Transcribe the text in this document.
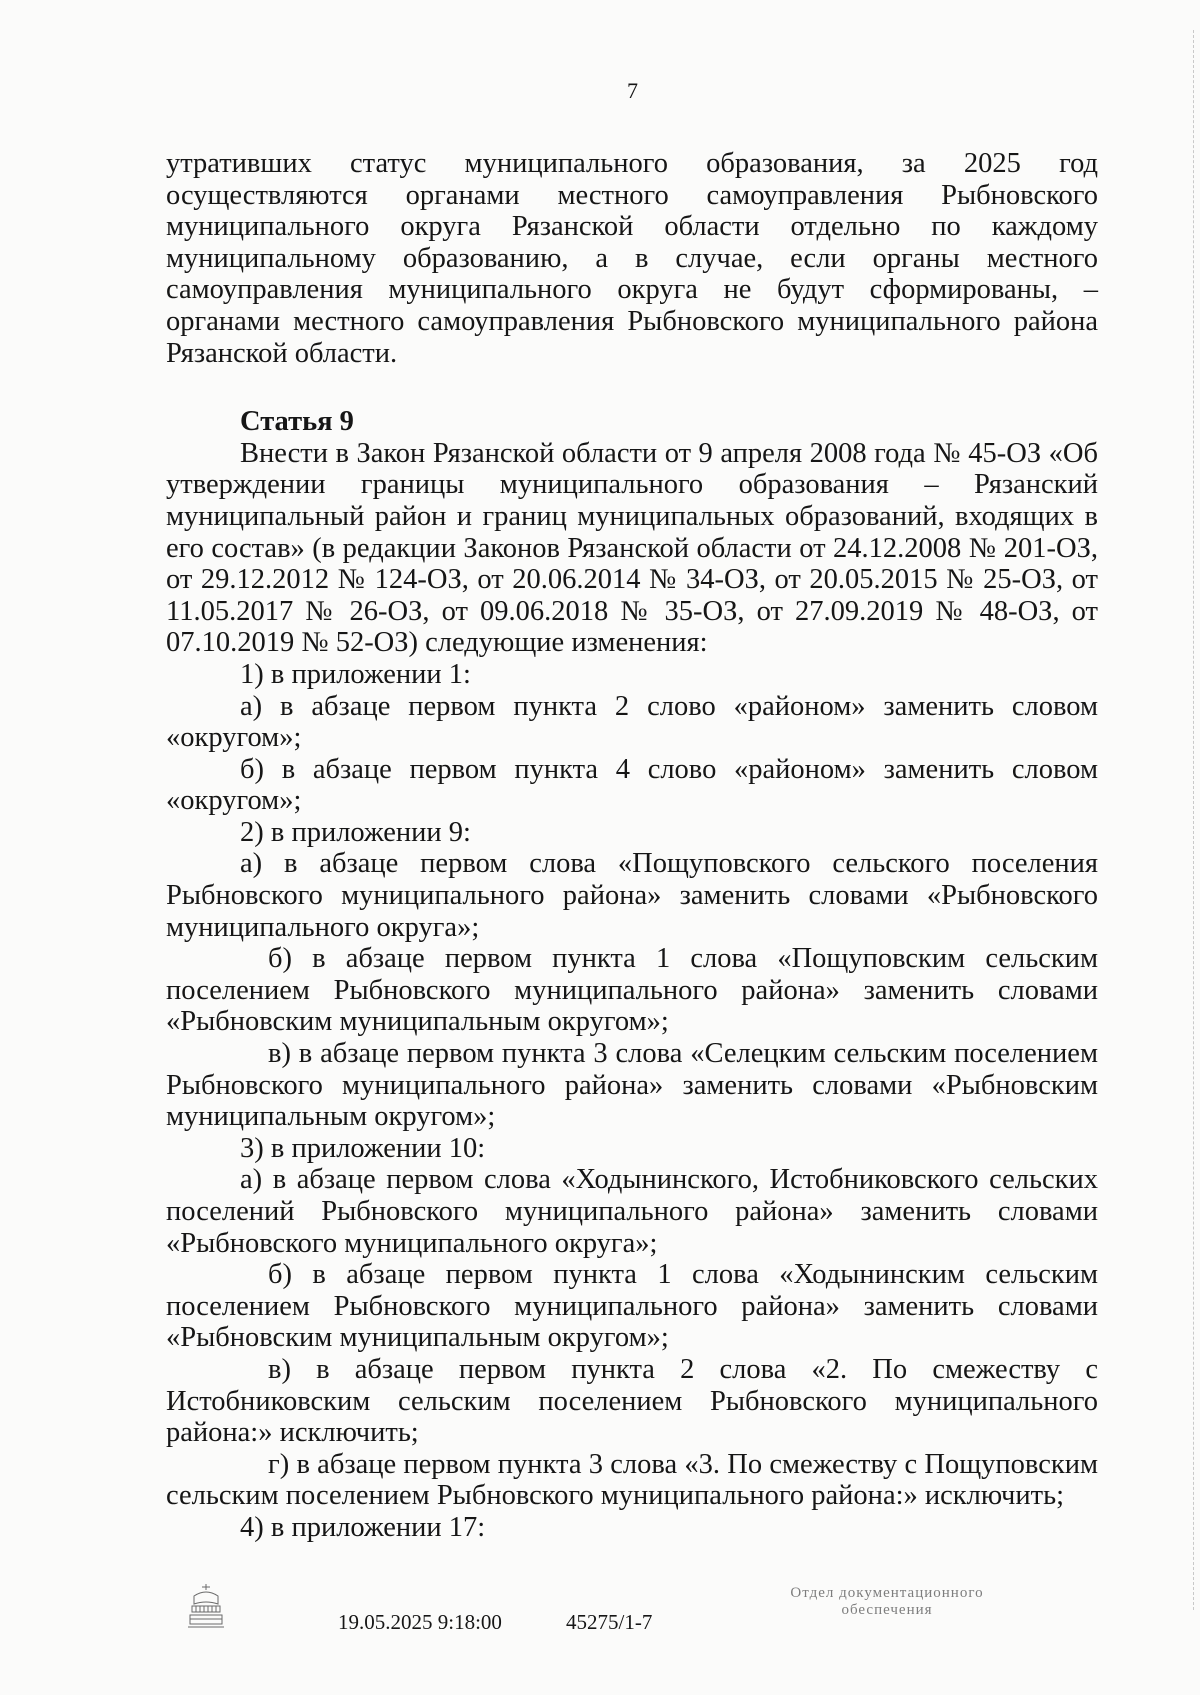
7

утративших статус муниципального образования, за 2025 год осуществляются органами местного самоуправления Рыбновского муниципального округа Рязанской области отдельно по каждому муниципальному образованию, а в случае, если органы местного самоуправления муниципального округа не будут сформированы, – органами местного самоуправления Рыбновского муниципального района Рязанской области.

Статья 9

Внести в Закон Рязанской области от 9 апреля 2008 года № 45-ОЗ «Об утверждении границы муниципального образования – Рязанский муниципальный район и границ муниципальных образований, входящих в его состав» (в редакции Законов Рязанской области от 24.12.2008 № 201-ОЗ, от 29.12.2012 № 124-ОЗ, от 20.06.2014 № 34-ОЗ, от 20.05.2015 № 25-ОЗ, от 11.05.2017 № 26-ОЗ, от 09.06.2018 № 35-ОЗ, от 27.09.2019 № 48-ОЗ, от 07.10.2019 № 52-ОЗ) следующие изменения:

1) в приложении 1:

а) в абзаце первом пункта 2 слово «районом» заменить словом «округом»;

б) в абзаце первом пункта 4 слово «районом» заменить словом «округом»;

2) в приложении 9:

а) в абзаце первом слова «Пощуповского сельского поселения Рыбновского муниципального района» заменить словами «Рыбновского муниципального округа»;

б) в абзаце первом пункта 1 слова «Пощуповским сельским поселением Рыбновского муниципального района» заменить словами «Рыбновским муниципальным округом»;

в) в абзаце первом пункта 3 слова «Селецким сельским поселением Рыбновского муниципального района» заменить словами «Рыбновским муниципальным округом»;

3) в приложении 10:

а) в абзаце первом слова «Ходынинского, Истобниковского сельских поселений Рыбновского муниципального района» заменить словами «Рыбновского муниципального округа»;

б) в абзаце первом пункта 1 слова «Ходынинским сельским поселением Рыбновского муниципального района» заменить словами «Рыбновским муниципальным округом»;

в) в абзаце первом пункта 2 слова «2. По смежеству с Истобниковским сельским поселением Рыбновского муниципального района:» исключить;

г) в абзаце первом пункта 3 слова «3. По смежеству с Пощуповским сельским поселением Рыбновского муниципального района:» исключить;

4) в приложении 17:

19.05.2025 9:18:00	45275/1-7
Отдел документационного
обеспечения
